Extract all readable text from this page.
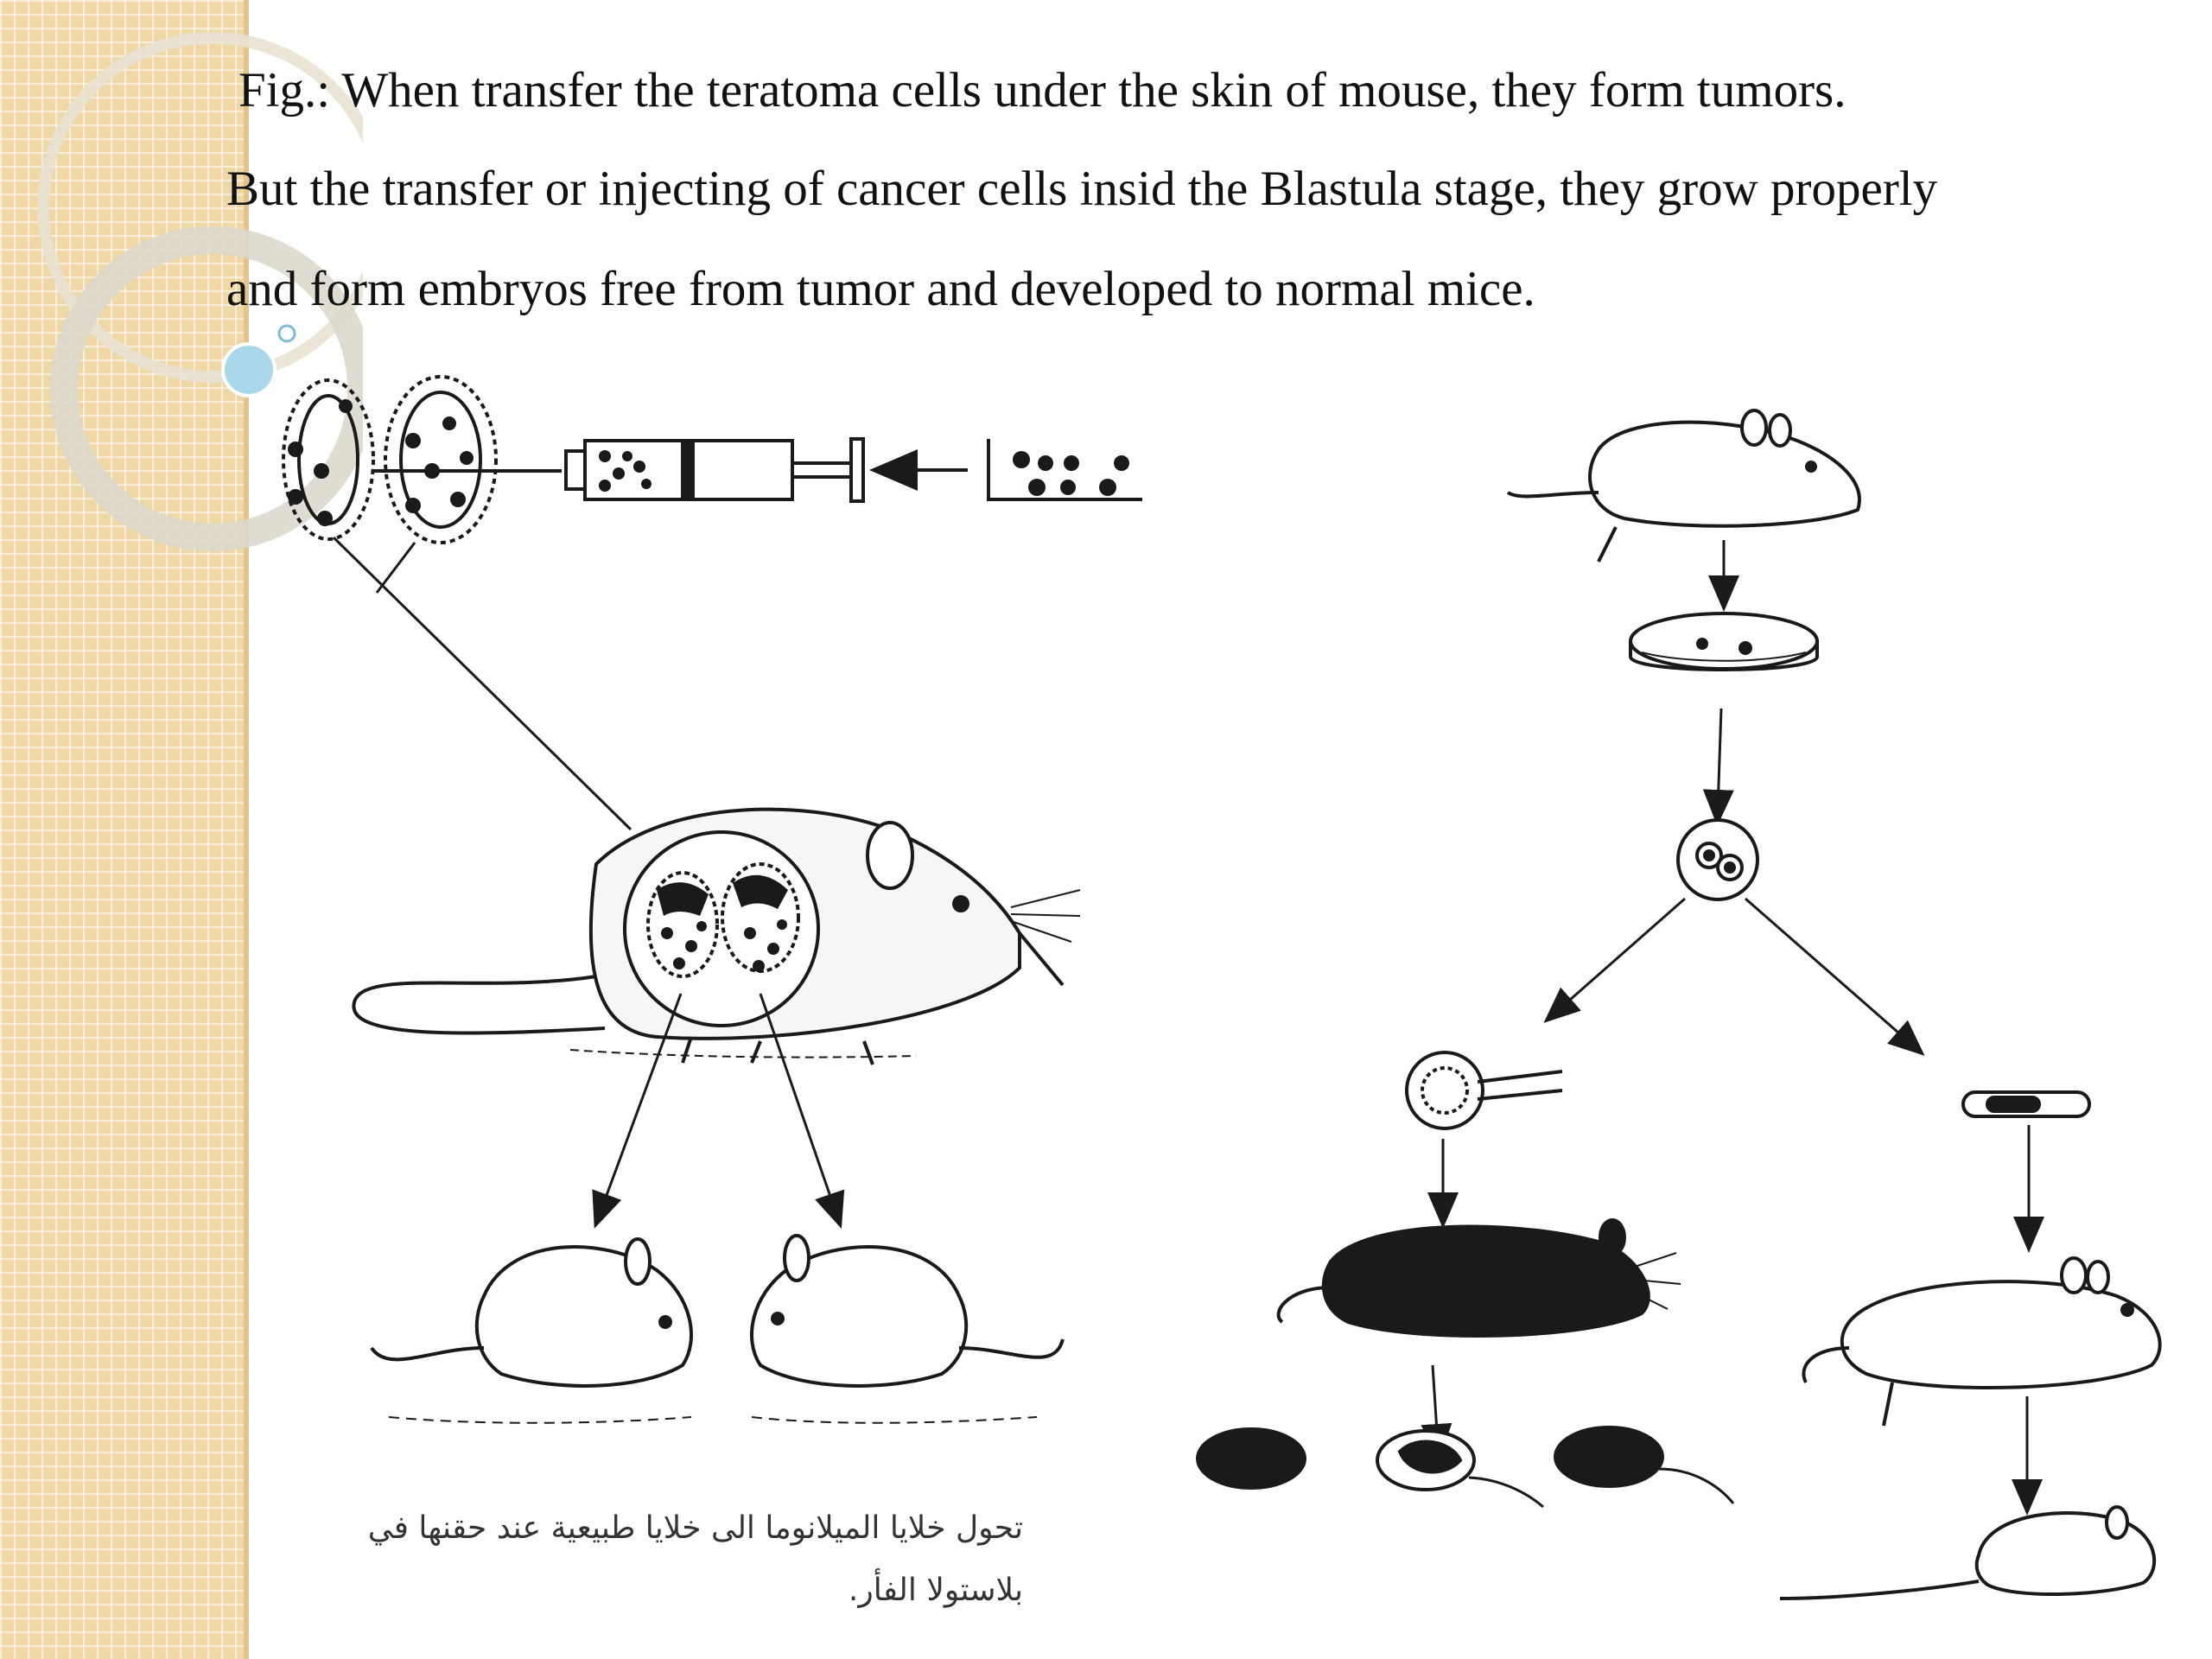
Fig.: When transfer the teratoma cells under the skin of mouse, they form tumors.
But the transfer or injecting of cancer cells insid the Blastula stage, they grow properly
and form embryos free from tumor and developed to normal mice.
تحول خلايا الميلانوما الى خلايا طبيعية عند حقنها في
بلاستولا الفأر.
